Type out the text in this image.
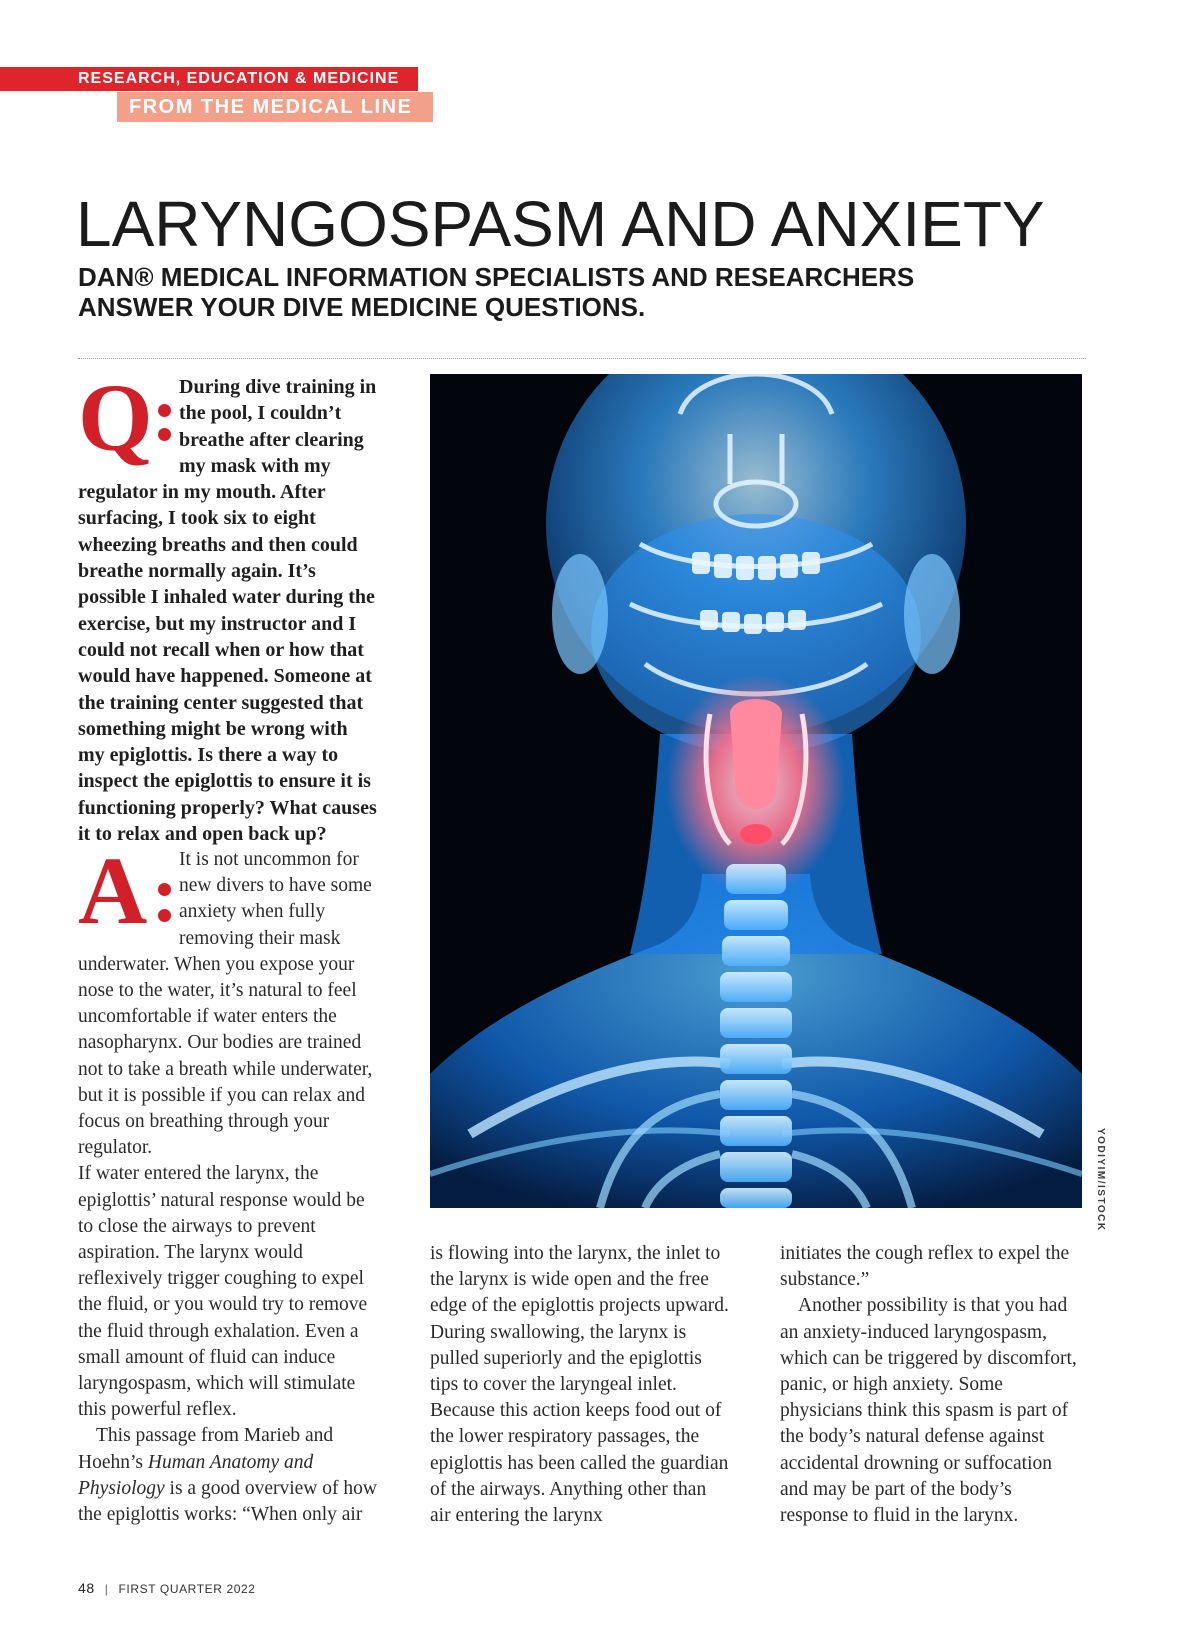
RESEARCH, EDUCATION & MEDICINE
FROM THE MEDICAL LINE
LARYNGOSPASM AND ANXIETY

DAN® MEDICAL INFORMATION SPECIALISTS AND RESEARCHERS
ANSWER YOUR DIVE MEDICINE QUESTIONS.

Q	During dive training in the pool, I couldn’t breathe after clearing my mask with my regulator in my mouth. After surfacing, I took six to eight wheezing breaths and then could breathe normally again. It’s possible I inhaled water during the exercise, but my instructor and I could not recall when or how that would have happened. Someone at the training center suggested that something might be wrong with my epiglottis. Is there a way to inspect the epiglottis to ensure it is functioning properly? What causes it to relax and open back up?

A	It is not uncommon for new divers to have some anxiety when fully removing their mask underwater. When you expose your nose to the water, it’s natural to feel uncomfortable if water enters the nasopharynx. Our bodies are trained not to take a breath while underwater, but it is possible if you can relax and focus on breathing through your regulator.

If water entered the larynx, the epiglottis’ natural response would be to close the airways to prevent aspiration. The larynx would reflexively trigger coughing to expel the fluid, or you would try to remove the fluid through exhalation. Even a small amount of fluid can induce laryngospasm, which will stimulate this powerful reflex.

This passage from Marieb and Hoehn’s Human Anatomy and Physiology is a good overview of how the epiglottis works: “When only air

YODIYIM/ISTOCK

is flowing into the larynx, the inlet to the larynx is wide open and the free edge of the epiglottis projects upward. During swallowing, the larynx is pulled superiorly and the epiglottis tips to cover the laryngeal inlet. Because this action keeps food out of the lower respiratory passages, the epiglottis has been called the guardian of the airways. Anything other than air entering the larynx

initiates the cough reflex to expel the substance.”

Another possibility is that you had an anxiety-induced laryngospasm, which can be triggered by discomfort, panic, or high anxiety. Some physicians think this spasm is part of the body’s natural defense against accidental drowning or suffocation and may be part of the body’s response to fluid in the larynx.

48 | FIRST QUARTER 2022
